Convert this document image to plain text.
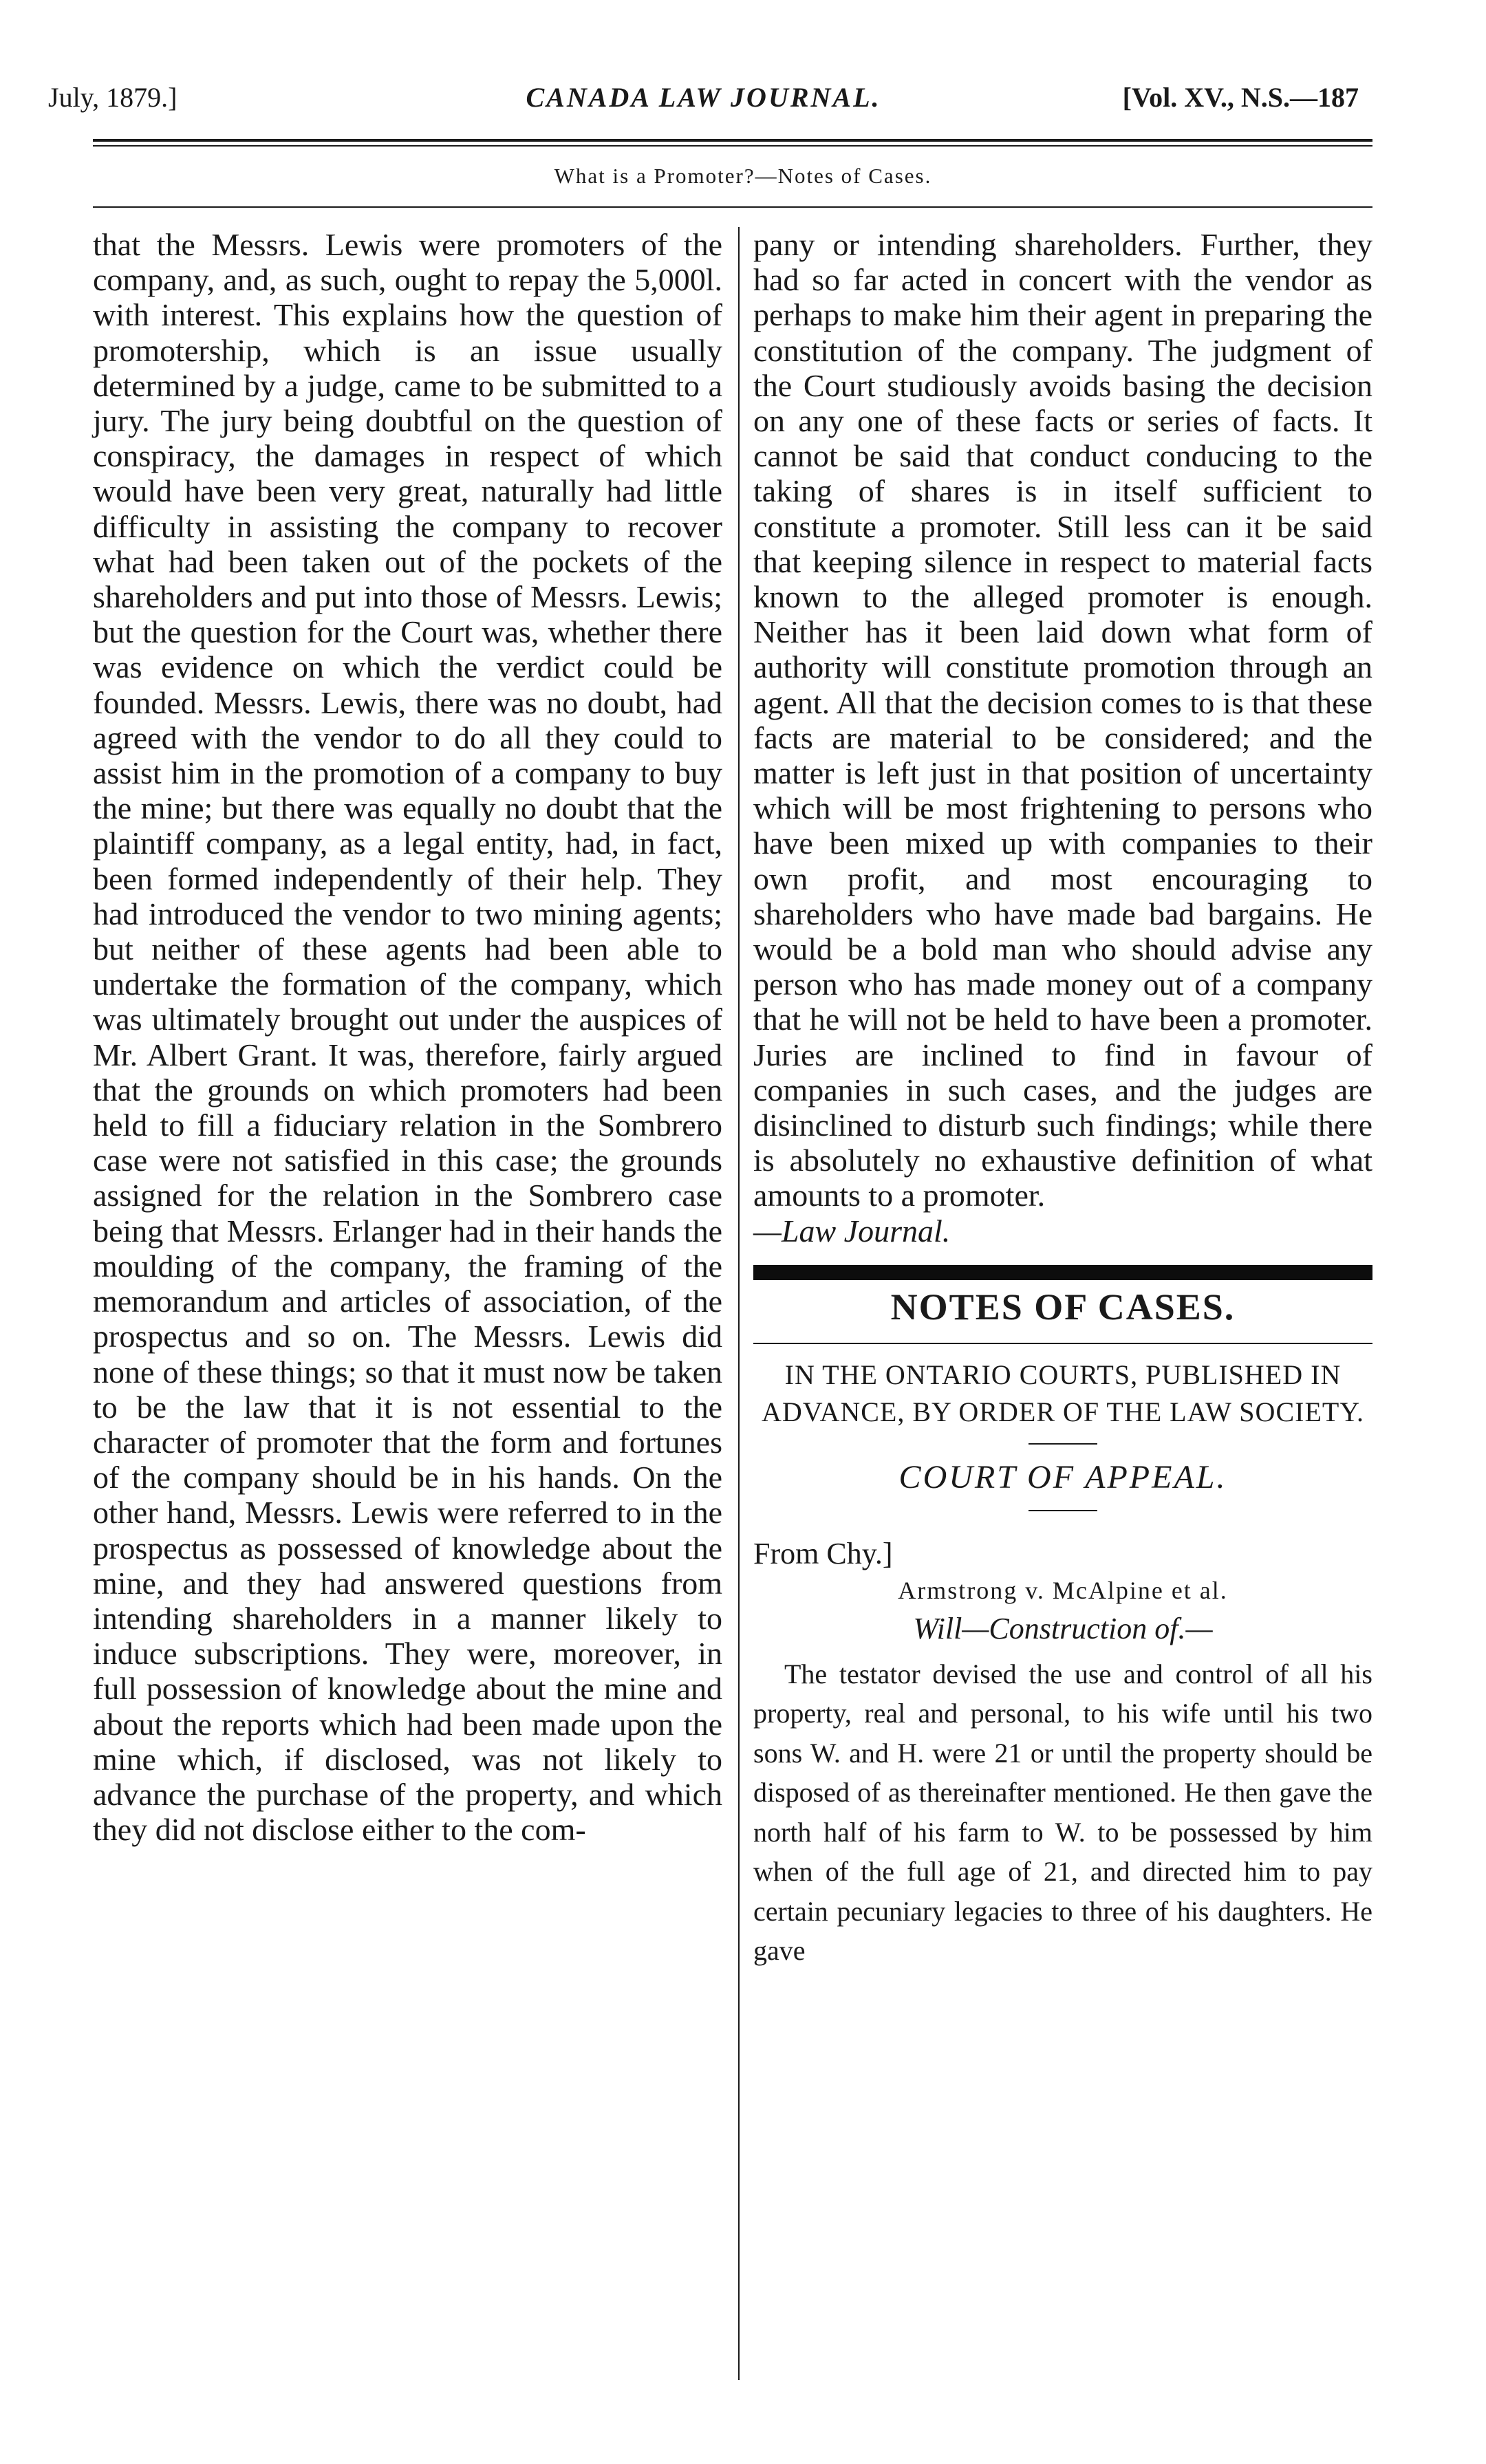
July, 1879.]	CANADA LAW JOURNAL.	[Vol. XV., N.S.—187
What is a Promoter?—Notes of Cases.

that the Messrs. Lewis were promoters of the company, and, as such, ought to repay the 5,000l. with interest. This explains how the question of promotership, which is an issue usually determined by a judge, came to be submitted to a jury. The jury being doubtful on the question of conspiracy, the damages in respect of which would have been very great, naturally had little difficulty in assisting the company to recover what had been taken out of the pockets of the shareholders and put into those of Messrs. Lewis; but the question for the Court was, whether there was evidence on which the verdict could be founded. Messrs. Lewis, there was no doubt, had agreed with the vendor to do all they could to assist him in the promotion of a company to buy the mine; but there was equally no doubt that the plaintiff company, as a legal entity, had, in fact, been formed independently of their help. They had introduced the vendor to two mining agents; but neither of these agents had been able to undertake the formation of the company, which was ultimately brought out under the auspices of Mr. Albert Grant. It was, therefore, fairly argued that the grounds on which promoters had been held to fill a fiduciary relation in the Sombrero case were not satisfied in this case; the grounds assigned for the relation in the Sombrero case being that Messrs. Erlanger had in their hands the moulding of the company, the framing of the memorandum and articles of association, of the prospectus and so on. The Messrs. Lewis did none of these things; so that it must now be taken to be the law that it is not essential to the character of promoter that the form and fortunes of the company should be in his hands. On the other hand, Messrs. Lewis were referred to in the prospectus as possessed of knowledge about the mine, and they had answered questions from intending shareholders in a manner likely to induce subscriptions. They were, moreover, in full possession of knowledge about the mine and about the reports which had been made upon the mine which, if disclosed, was not likely to advance the purchase of the property, and which they did not disclose either to the com-

pany or intending shareholders. Further, they had so far acted in concert with the vendor as perhaps to make him their agent in preparing the constitution of the company. The judgment of the Court studiously avoids basing the decision on any one of these facts or series of facts. It cannot be said that conduct conducing to the taking of shares is in itself sufficient to constitute a promoter. Still less can it be said that keeping silence in respect to material facts known to the alleged promoter is enough. Neither has it been laid down what form of authority will constitute promotion through an agent. All that the decision comes to is that these facts are material to be considered; and the matter is left just in that position of uncertainty which will be most frightening to persons who have been mixed up with companies to their own profit, and most encouraging to shareholders who have made bad bargains. He would be a bold man who should advise any person who has made money out of a company that he will not be held to have been a promoter. Juries are inclined to find in favour of companies in such cases, and the judges are disinclined to disturb such findings; while there is absolutely no exhaustive definition of what amounts to a promoter.

—Law Journal.

NOTES OF CASES.
IN THE ONTARIO COURTS, PUBLISHED IN ADVANCE, BY ORDER OF THE LAW SOCIETY.
COURT OF APPEAL.
From Chy.]
Armstrong v. McAlpine et al.
Will—Construction of.—

The testator devised the use and control of all his property, real and personal, to his wife until his two sons W. and H. were 21 or until the property should be disposed of as thereinafter mentioned. He then gave the north half of his farm to W. to be possessed by him when of the full age of 21, and directed him to pay certain pecuniary legacies to three of his daughters. He gave
